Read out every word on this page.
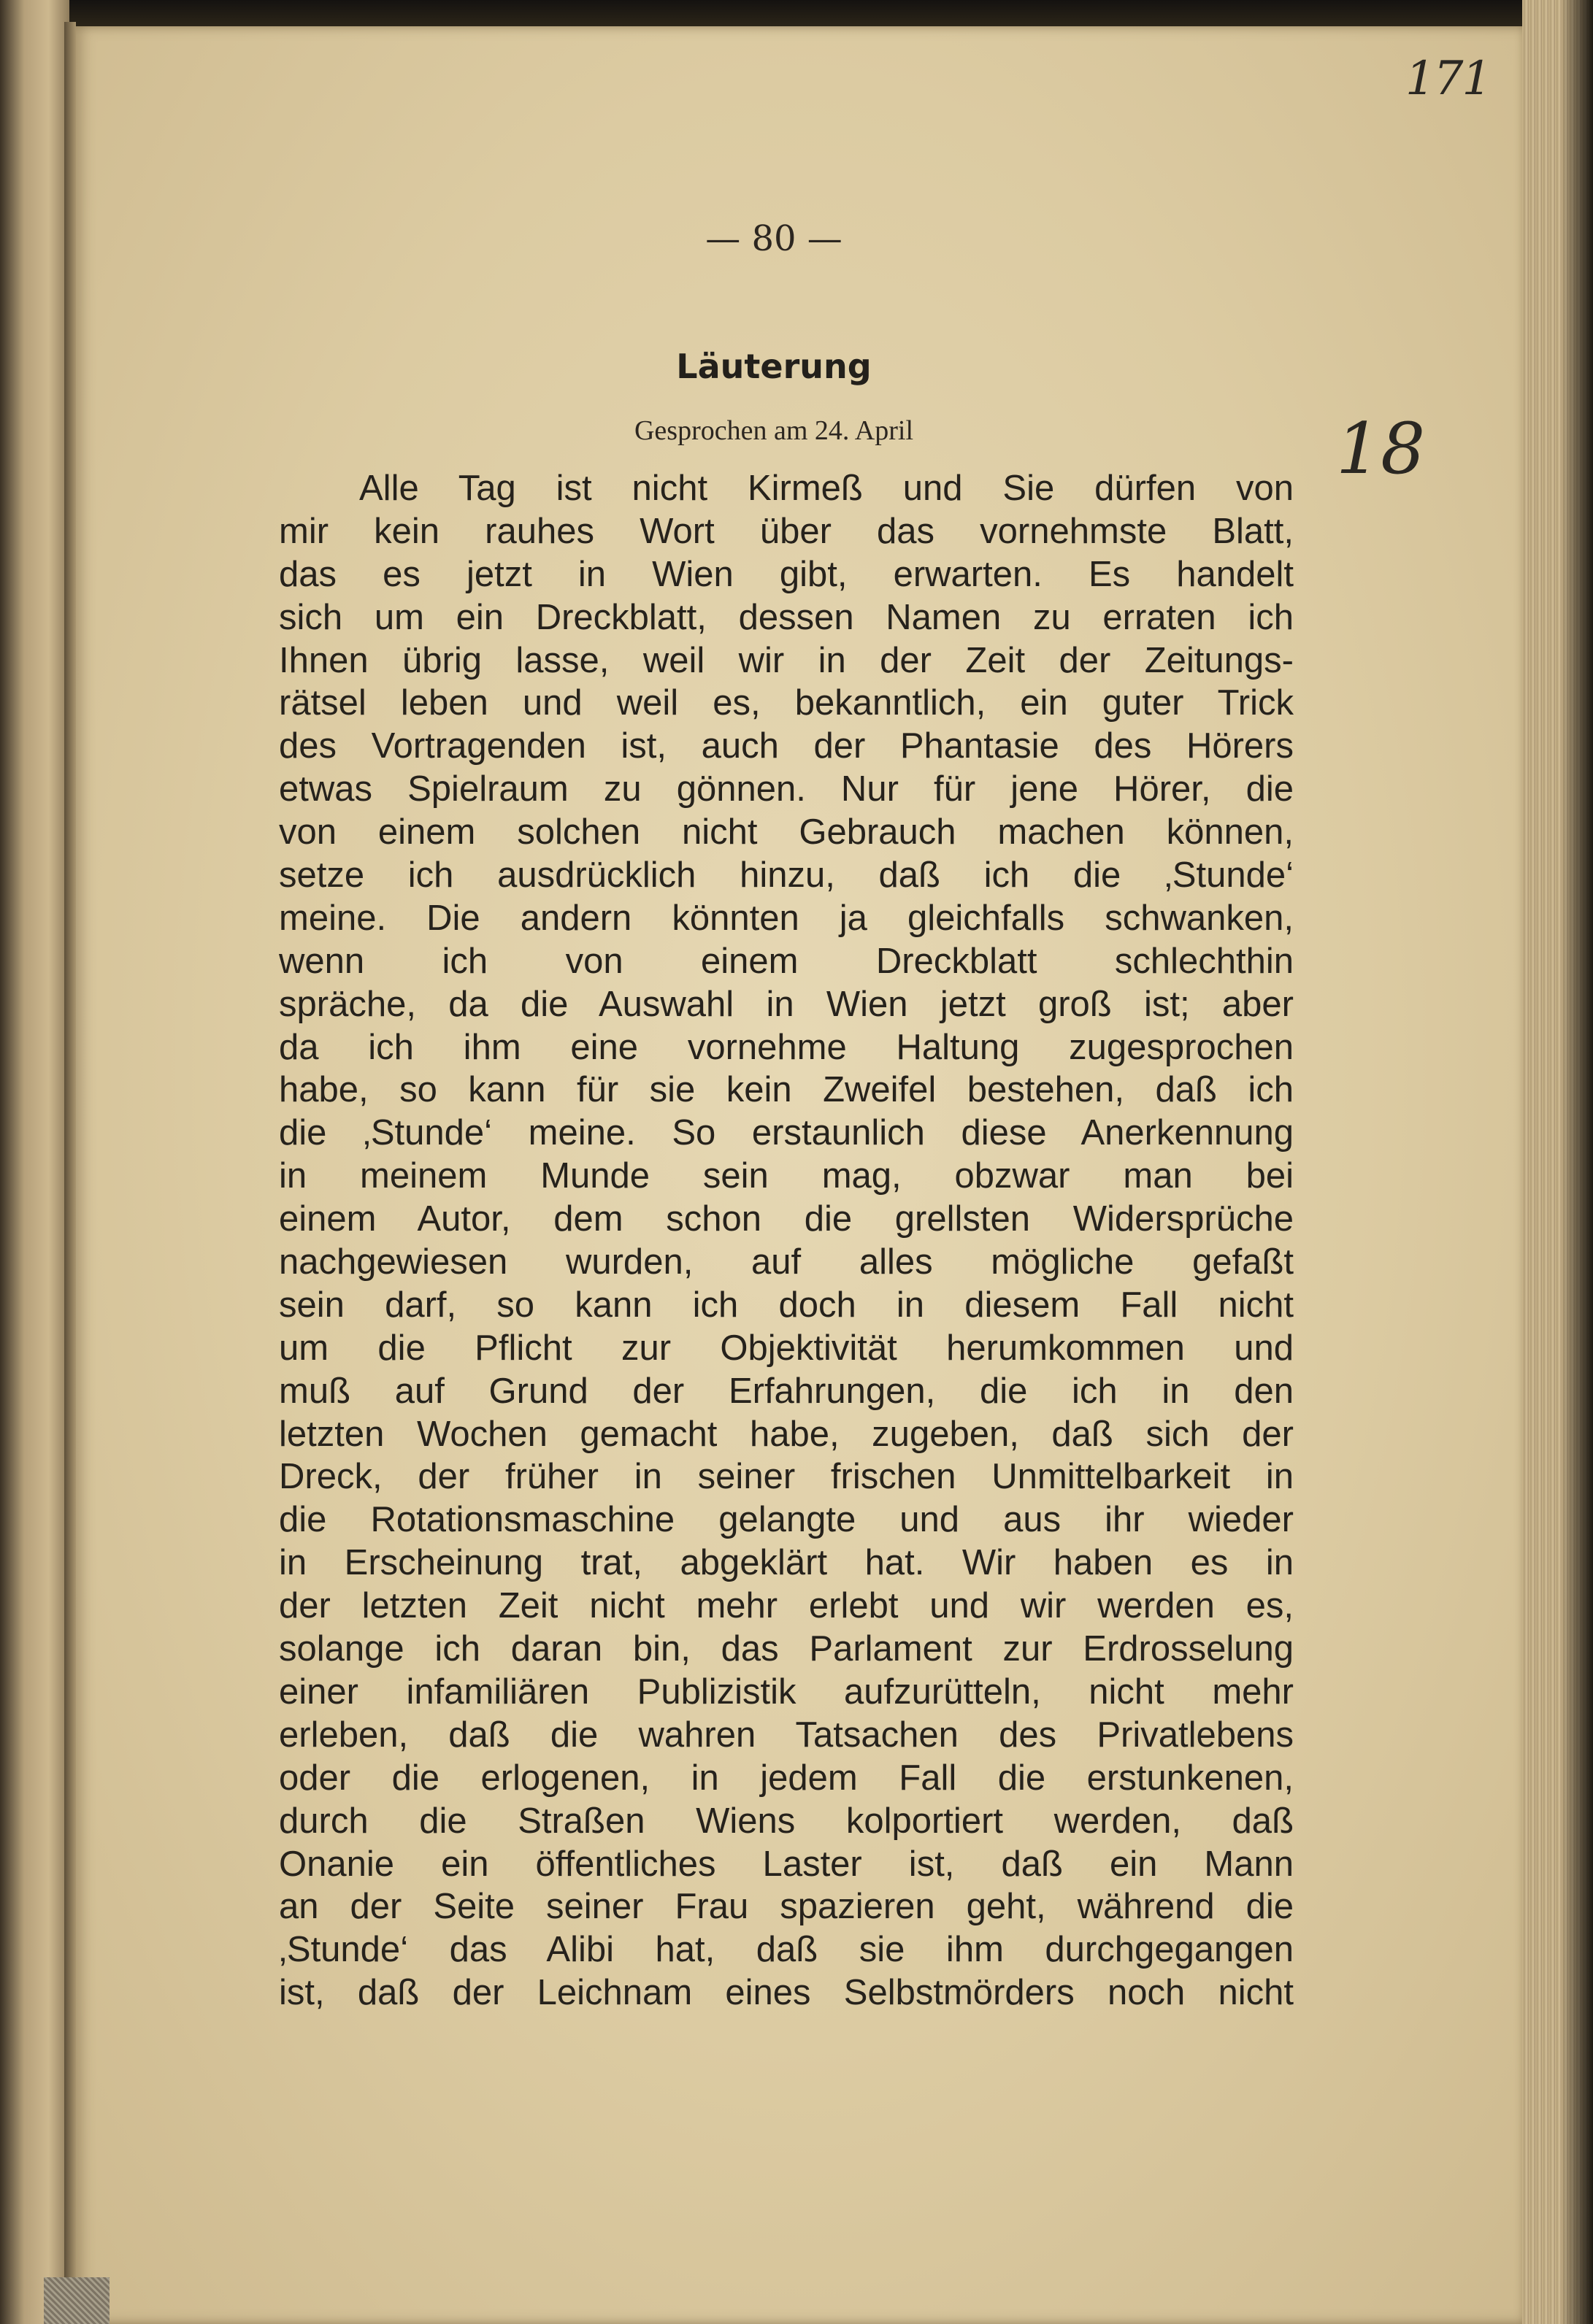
171
18
— 80 —
Läuterung
Gesprochen am 24. April
Alle Tag ist nicht Kirmeß und Sie dürfen von
mir kein rauhes Wort über das vornehmste Blatt,
das es jetzt in Wien gibt, erwarten. Es handelt
sich um ein Dreckblatt, dessen Namen zu erraten ich
Ihnen übrig lasse, weil wir in der Zeit der Zeitungs-
rätsel leben und weil es, bekanntlich, ein guter Trick
des Vortragenden ist, auch der Phantasie des Hörers
etwas Spielraum zu gönnen. Nur für jene Hörer, die
von einem solchen nicht Gebrauch machen können,
setze ich ausdrücklich hinzu, daß ich die ‚Stunde‘
meine. Die andern könnten ja gleichfalls schwanken,
wenn ich von einem Dreckblatt schlechthin
spräche, da die Auswahl in Wien jetzt groß ist; aber
da ich ihm eine vornehme Haltung zugesprochen
habe, so kann für sie kein Zweifel bestehen, daß ich
die ‚Stunde‘ meine. So erstaunlich diese Anerkennung
in meinem Munde sein mag, obzwar man bei
einem Autor, dem schon die grellsten Widersprüche
nachgewiesen wurden, auf alles mögliche gefaßt
sein darf, so kann ich doch in diesem Fall nicht
um die Pflicht zur Objektivität herumkommen und
muß auf Grund der Erfahrungen, die ich in den
letzten Wochen gemacht habe, zugeben, daß sich der
Dreck, der früher in seiner frischen Unmittelbarkeit in
die Rotationsmaschine gelangte und aus ihr wieder
in Erscheinung trat, abgeklärt hat. Wir haben es in
der letzten Zeit nicht mehr erlebt und wir werden es,
solange ich daran bin, das Parlament zur Erdrosselung
einer infamiliären Publizistik aufzurütteln, nicht mehr
erleben, daß die wahren Tatsachen des Privatlebens
oder die erlogenen, in jedem Fall die erstunkenen,
durch die Straßen Wiens kolportiert werden, daß
Onanie ein öffentliches Laster ist, daß ein Mann
an der Seite seiner Frau spazieren geht, während die
‚Stunde‘ das Alibi hat, daß sie ihm durchgegangen
ist, daß der Leichnam eines Selbstmörders noch nicht
